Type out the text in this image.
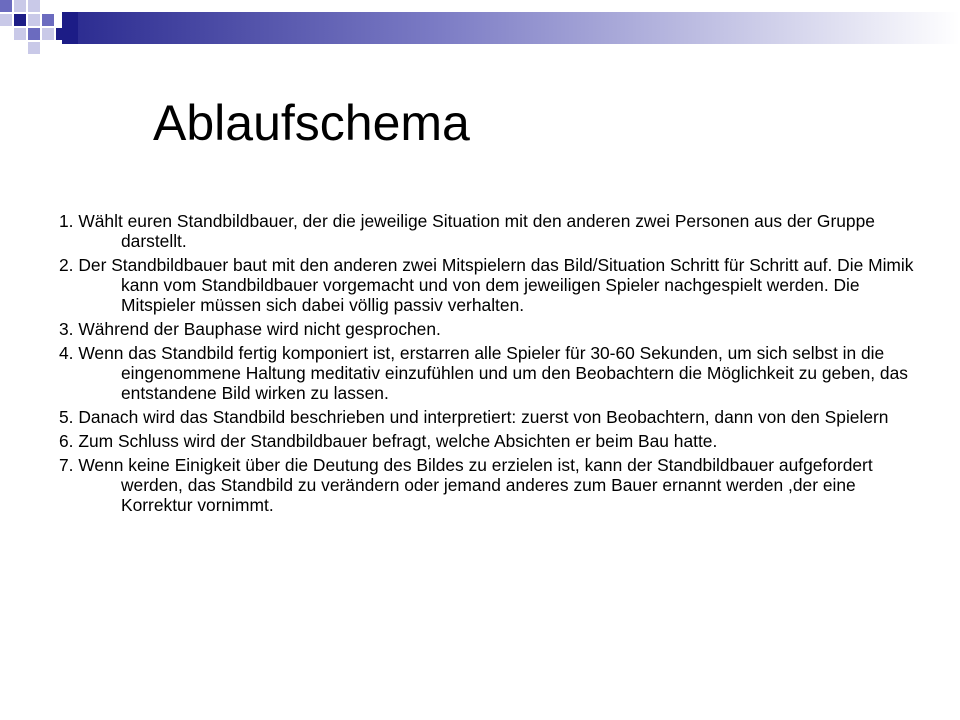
Ablaufschema
1. Wählt euren Standbildbauer, der die jeweilige Situation mit den anderen zwei Personen aus der Gruppe darstellt.
2. Der Standbildbauer baut mit den anderen zwei Mitspielern das Bild/Situation Schritt für Schritt auf. Die Mimik kann vom Standbildbauer vorgemacht und von dem jeweiligen Spieler nachgespielt werden. Die Mitspieler müssen sich dabei völlig passiv verhalten.
3. Während der Bauphase wird nicht gesprochen.
4. Wenn das Standbild fertig komponiert ist, erstarren alle Spieler für 30-60 Sekunden, um sich selbst in die eingenommene Haltung meditativ einzufühlen und um den Beobachtern die Möglichkeit zu geben, das entstandene Bild wirken zu lassen.
5. Danach wird das Standbild beschrieben und interpretiert: zuerst von Beobachtern, dann von den Spielern
6. Zum Schluss wird der Standbildbauer befragt, welche Absichten er beim Bau hatte.
7. Wenn keine Einigkeit über die Deutung des Bildes zu erzielen ist, kann der Standbildbauer aufgefordert werden, das Standbild zu verändern oder jemand anderes zum Bauer ernannt werden ,der eine Korrektur vornimmt.
